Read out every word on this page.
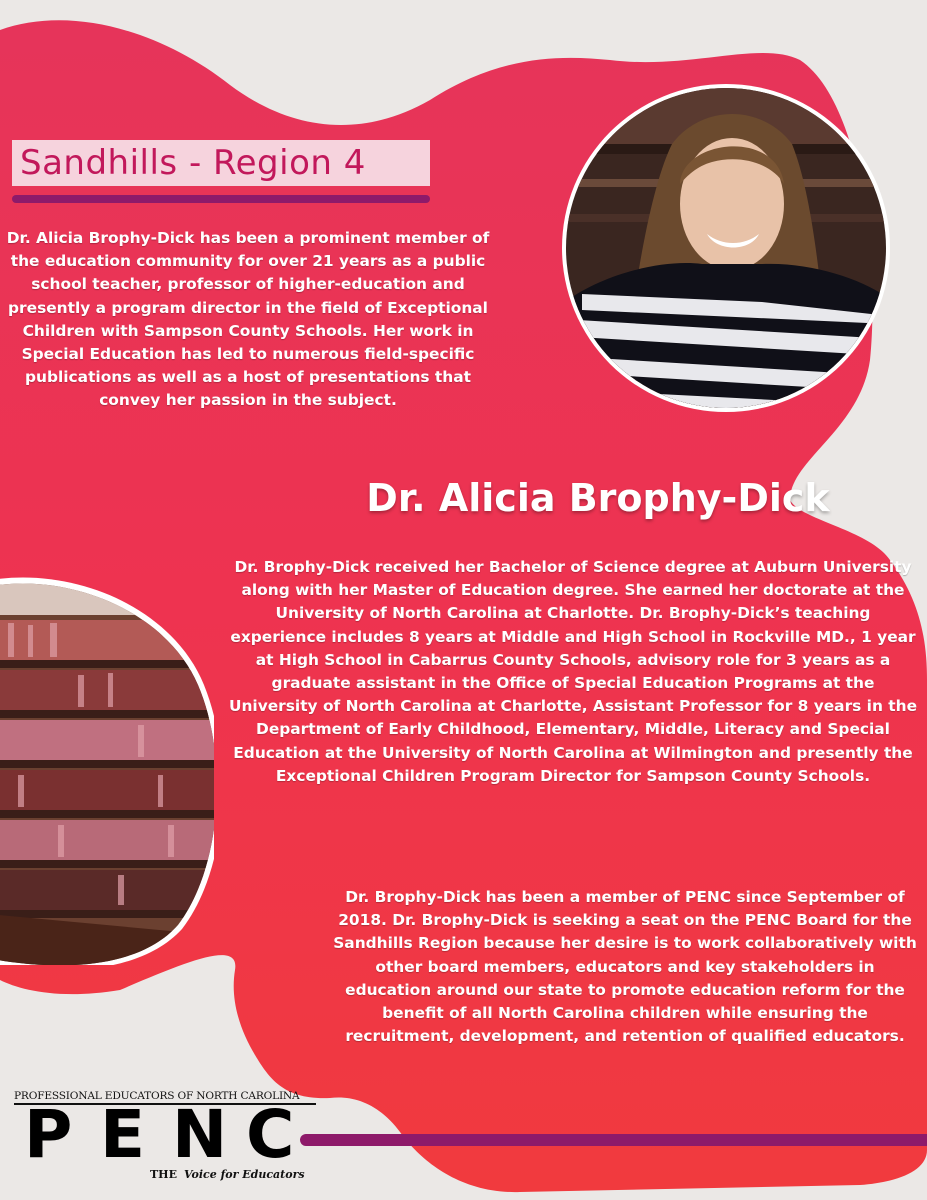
Sandhills - Region 4
Dr. Alicia Brophy-Dick has been a prominent member of the education community for over 21 years as a public school teacher, professor of higher-education and presently a program director in the field of Exceptional Children with Sampson County Schools. Her work in Special Education has led to numerous field-specific publications as well as a host of presentations that convey her passion in the subject.
Dr. Alicia Brophy-Dick
Dr. Brophy-Dick received her Bachelor of Science degree at Auburn University along with her Master of Education degree. She earned her doctorate at the University of North Carolina at Charlotte. Dr. Brophy-Dick’s teaching experience includes 8 years at Middle and High School in Rockville MD., 1 year at High School in Cabarrus County Schools, advisory role for 3 years as a graduate assistant in the Office of Special Education Programs at the University of North Carolina at Charlotte, Assistant Professor for 8 years in the Department of Early Childhood, Elementary, Middle, Literacy and Special Education at the University of North Carolina at Wilmington and presently the Exceptional Children Program Director for Sampson County Schools.
Dr. Brophy-Dick has been a member of PENC since September of 2018. Dr. Brophy-Dick is seeking a seat on the PENC Board for the Sandhills Region because her desire is to work collaboratively with other board members, educators and key stakeholders in education around our state to promote education reform for the benefit of all North Carolina children while ensuring the recruitment, development, and retention of qualified educators.
PROFESSIONAL EDUCATORS OF NORTH CAROLINA
P E N C
THE Voice for Educators
